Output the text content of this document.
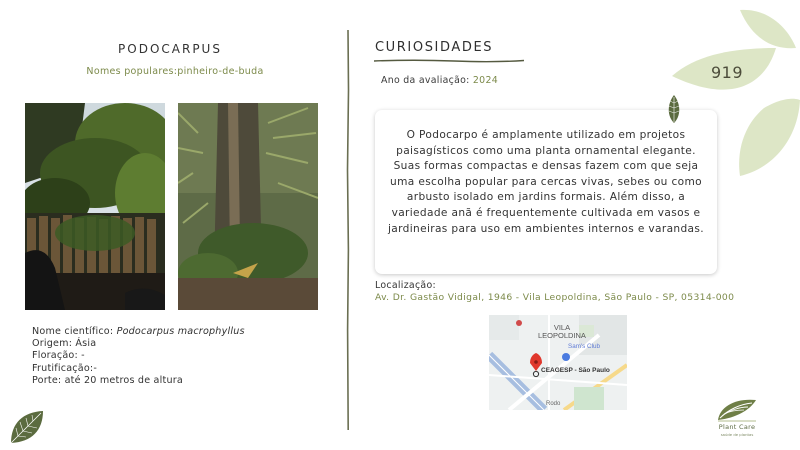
PODOCARPUS
Nomes populares:pinheiro-de-buda
Nome científico: Podocarpus macrophyllus
Origem: Ásia
Floração: -
Frutificação:-
Porte: até 20 metros de altura
CURIOSIDADES
Ano da avaliação: 2024
O Podocarpo é amplamente utilizado em projetos paisagísticos como uma planta ornamental elegante. Suas formas compactas e densas fazem com que seja uma escolha popular para cercas vivas, sebes ou como arbusto isolado em jardins formais. Além disso, a variedade anã é frequentemente cultivada em vasos e jardineiras para uso em ambientes internos e varandas.
Localização:
Av. Dr. Gastão Vidigal, 1946 - Vila Leopoldina, São Paulo - SP, 05314-000
VILA
LEOPOLDINA
Sam's Club
CEAGESP - São Paulo
Rodo
919
Plant Care
saúde de plantas
